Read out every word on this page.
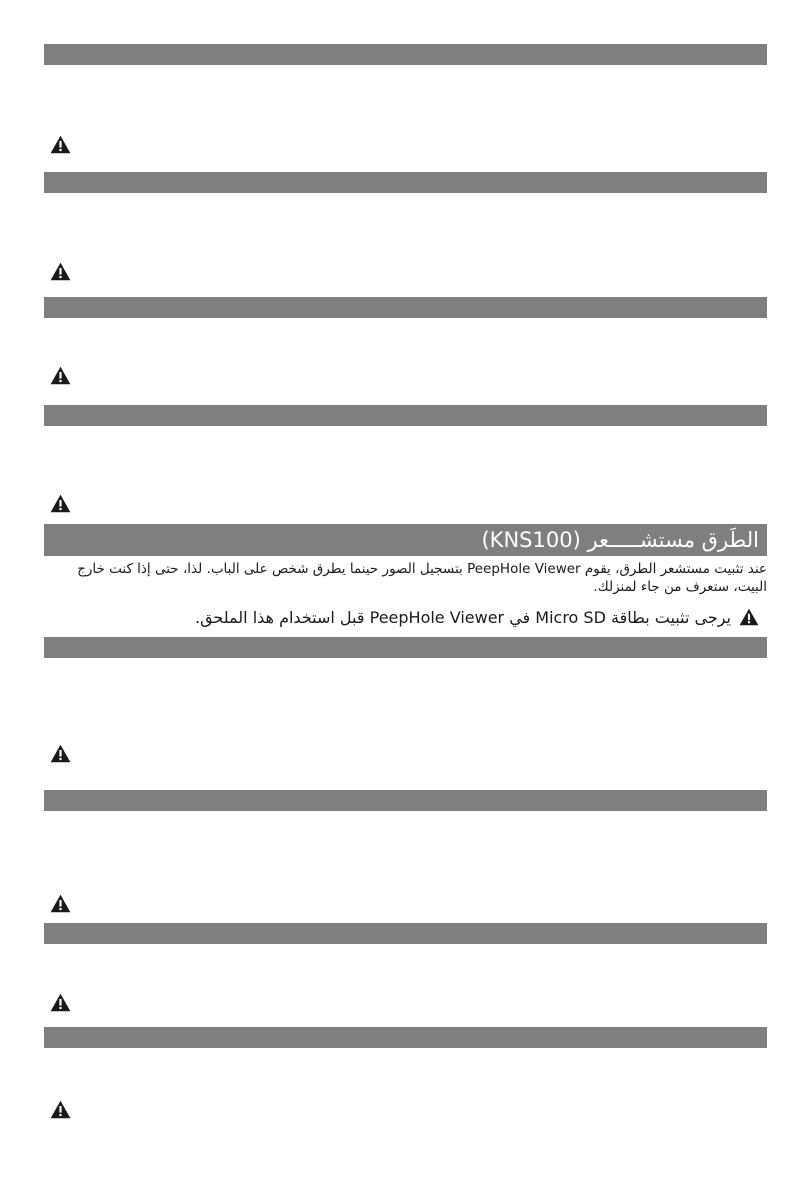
الطَرق مستشـــــعر (KNS100)
عند تثبيت مستشعر الطرق، يقوم PeepHole Viewer بتسجيل الصور حينما يطرق شخص على الباب. لذا، حتى إذا كنت خارج البيت، ستعرف من جاء لمنزلك.
يرجى تثبيت بطاقة Micro SD في PeepHole Viewer قبل استخدام هذا الملحق.
